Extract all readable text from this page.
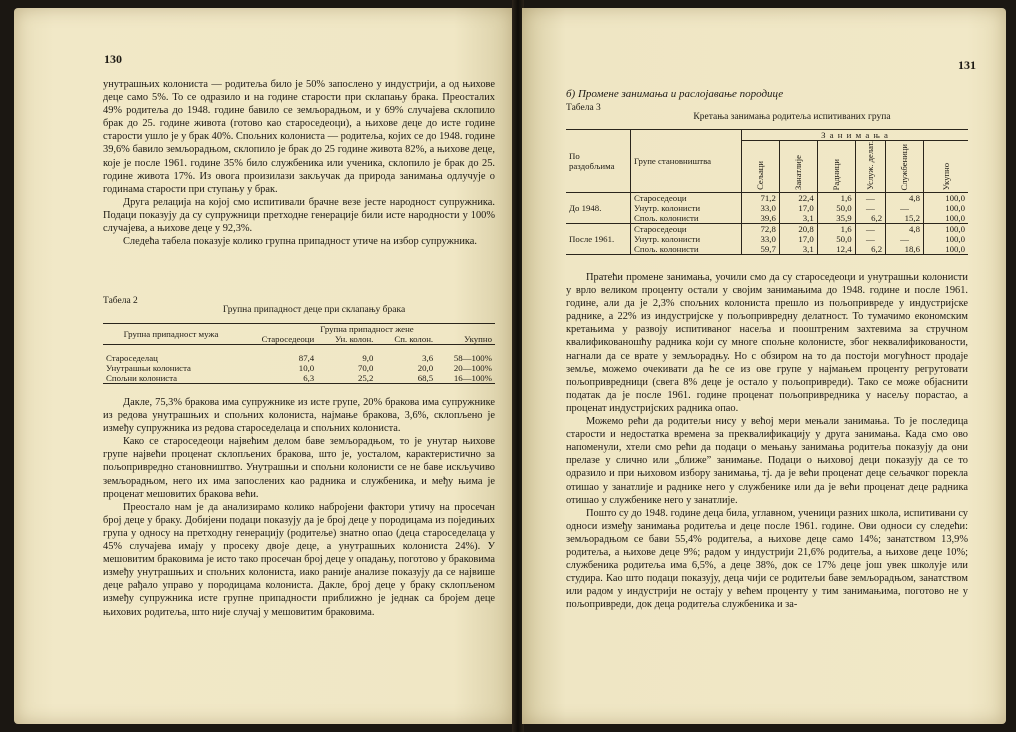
130

унутрашњих колониста — родитеља било је 50% запослено у индустрији, а од њихове деце само 5%. То се одразило и на године старости при склапању брака. Преосталих 49% родитеља до 1948. године бавило се земљорадњом, и у 69% случајева склопило брак до 25. године живота (готово као староседеоци), а њихове деце до исте године старости ушло је у брак 40%. Спољних колониста — родитеља, којих се до 1948. године 39,6% бавило земљорадњом, склопило је брак до 25 године живота 82%, а њихове деце, које је после 1961. године 35% било службеника или ученика, склопило је брак до 25. године живота 17%. Из овога произилази закључак да природа занимања одлучује о годинама старости при ступању у брак.

Друга релација на којој смо испитивали брачне везе јесте народност супружника. Подаци показују да су супружници претходне генерације били исте народности у 100% случајева, а њихове деце у 92,3%.

Следећа табела показује колико групна припадност утиче на избор супружника.

Табела 2
Групна припадност деце при склапању брака
Групна припадност мужа	Групна припадност жене			
	Староседеоци	Ун. колон.	Сп. колон.	Укупно

Староседелац	87,4	9,0	3,6	58—100%
Унутрашњи колониста	10,0	70,0	20,0	20—100%
Спољни колониста	6,3	25,2	68,5	16—100%

Дакле, 75,3% бракова има супружнике из исте групе, 20% бракова има супружнике из редова унутрашњих и спољних колониста, најмање бракова, 3,6%, склопљено је између супружника из редова староседелаца и спољних колониста.

Како се староседеоци највећим делом баве земљорадњом, то је унутар њихове групе највећи проценат склопљених бракова, што је, уосталом, карактеристично за пољопривредно становништво. Унутрашњи и спољни колонисти се не баве искључиво земљорадњом, него их има запослених као радника и службеника, и међу њима је проценат мешовитих бракова већи.

Преостало нам је да анализирамо колико набројени фактори утичу на просечан број деце у браку. Добијени подаци показују да је број деце у породицама из поједињих група у односу на претходну генерацију (родитеље) знатно опао (деца староседелаца у 45% случајева имају у просеку двоје деце, а унутрашњих колониста 24%). У мешовитим браковима је исто тако просечан број деце у опадању, поготово у браковима између унутрашњих и спољних колониста, иако раније анализе показују да се највише деце рађало управо у породицама колониста. Дакле, број деце у браку склопљеном између супружника исте групне припадности приближно је једнак са бројем деце њихових родитеља, што није случај у мешовитим браковима.

131
б) Промене занимања и раслојавање породице
Табела 3
Кретања занимања родитеља испитиваних група
По раздобљима	Групе становништва	З а н и м а њ а					
		Сељаци	Занатлије	Радници	Услуж. делат.	Службеници	Укупно
До 1948.	Староседеоци	71,2	22,4	1,6	—	4,8	100,0
	Унутр. колонисти	33,0	17,0	50,0	—	—	100,0
	Спољ. колонисти	39,6	3,1	35,9	6,2	15,2	100,0
После 1961.	Староседеоци	72,8	20,8	1,6	—	4,8	100,0
	Унутр. колонисти	33,0	17,0	50,0	—	—	100,0
	Спољ. колонисти	59,7	3,1	12,4	6,2	18,6	100,0

Пратећи промене занимања, уочили смо да су староседеоци и унутрашњи колонисти у врло великом проценту остали у својим занимањима до 1948. године и после 1961. године, али да је 2,3% спољних колониста прешло из пољопривреде у индустријске раднике, а 22% из индустријске у пољопривредну делатност. То тумачимо економским кретањима у развоју испитиваног насеља и пооштреним захтевима за стручном квалификованошћу радника који су многе спољне колонисте, због неквалификованости, нагнали да се врате у земљорадњу. Но с обзиром на то да постоји могућност продаје земље, можемо очекивати да ће се из ове групе у најмањем проценту регрутовати пољопривредници (свега 8% деце је остало у пољопривреди). Тако се може објаснити податак да је после 1961. године проценат пољопривредника у насељу порастао, а проценат индустријских радника опао.

Можемо рећи да родитељи нису у већој мери мењали занимања. То је последица старости и недостатка времена за преквалификацију у друга занимања. Када смо ово напоменули, хтели смо рећи да подаци о мењању занимања родитеља показују да они прелазе у слично или „ближе” занимање. Подаци о њиховој деци показују да се то одразило и при њиховом избору занимања, тј. да је већи проценат деце сељачког порекла отишао у занатлије и раднике него у службенике или да је већи проценат деце радника отишао у службенике него у занатлије.

Пошто су до 1948. године деца била, углавном, ученици разних школа, испитивани су односи између занимања родитеља и деце после 1961. године. Ови односи су следећи: земљорадњом се бави 55,4% родитеља, а њихове деце само 14%; занатством 13,9% родитеља, а њихове деце 9%; радом у индустрији 21,6% родитеља, а њихове деце 10%; службеника родитеља има 6,5%, а деце 38%, док се 17% деце још увек школује или студира. Као што подаци показују, деца чији се родитељи баве земљорадњом, занатством или радом у индустрији не остају у већем проценту у тим занимањима, поготово не у пољопривреди, док деца родитеља службеника и за-
